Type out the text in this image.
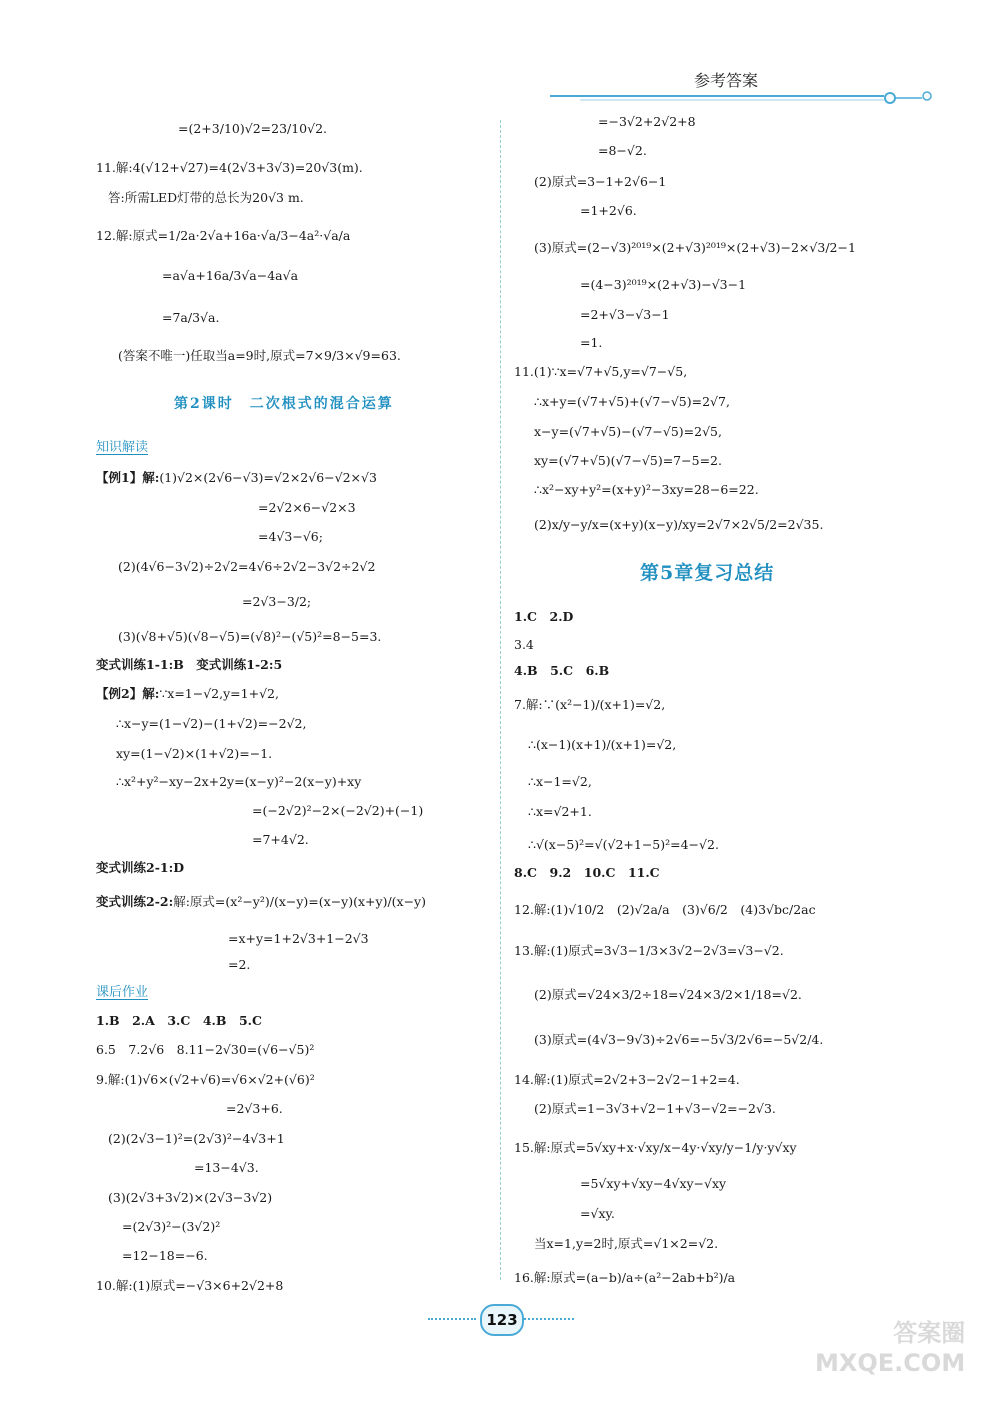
参考答案
=(2+3/10)√2=23/10√2.
11.解:4(√12+√27)=4(2√3+3√3)=20√3(m).
答:所需LED灯带的总长为20√3 m.
12.解:原式=1/2a·2√a+16a·√a/3−4a²·√a/a
=a√a+16a/3√a−4a√a
=7a/3√a.
(答案不唯一)任取当a=9时,原式=7×9/3×√9=63.
第2课时　二次根式的混合运算
知识解读
【例1】解:(1)√2×(2√6−√3)=√2×2√6−√2×√3
=2√2×6−√2×3
=4√3−√6;
(2)(4√6−3√2)÷2√2=4√6÷2√2−3√2÷2√2
=2√3−3/2;
(3)(√8+√5)(√8−√5)=(√8)²−(√5)²=8−5=3.
变式训练1-1:B　变式训练1-2:5
【例2】解:∵x=1−√2,y=1+√2,
∴x−y=(1−√2)−(1+√2)=−2√2,
xy=(1−√2)×(1+√2)=−1.
∴x²+y²−xy−2x+2y=(x−y)²−2(x−y)+xy
=(−2√2)²−2×(−2√2)+(−1)
=7+4√2.
变式训练2-1:D
变式训练2-2:解:原式=(x²−y²)/(x−y)=(x−y)(x+y)/(x−y)
=x+y=1+2√3+1−2√3
=2.
课后作业
1.B　2.A　3.C　4.B　5.C
6.5　7.2√6　8.11−2√30=(√6−√5)²
9.解:(1)√6×(√2+√6)=√6×√2+(√6)²
=2√3+6.
(2)(2√3−1)²=(2√3)²−4√3+1
=13−4√3.
(3)(2√3+3√2)×(2√3−3√2)
=(2√3)²−(3√2)²
=12−18=−6.
10.解:(1)原式=−√3×6+2√2+8
=−3√2+2√2+8
=8−√2.
(2)原式=3−1+2√6−1
=1+2√6.
(3)原式=(2−√3)²⁰¹⁹×(2+√3)²⁰¹⁹×(2+√3)−2×√3/2−1
=(4−3)²⁰¹⁹×(2+√3)−√3−1
=2+√3−√3−1
=1.
11.(1)∵x=√7+√5,y=√7−√5,
∴x+y=(√7+√5)+(√7−√5)=2√7,
x−y=(√7+√5)−(√7−√5)=2√5,
xy=(√7+√5)(√7−√5)=7−5=2.
∴x²−xy+y²=(x+y)²−3xy=28−6=22.
(2)x/y−y/x=(x+y)(x−y)/xy=2√7×2√5/2=2√35.
第5章复习总结
1.C　2.D
3.4
4.B　5.C　6.B
7.解:∵(x²−1)/(x+1)=√2,
∴(x−1)(x+1)/(x+1)=√2,
∴x−1=√2,
∴x=√2+1.
∴√(x−5)²=√(√2+1−5)²=4−√2.
8.C　9.2　10.C　11.C
12.解:(1)√10/2　(2)√2a/a　(3)√6/2　(4)3√bc/2ac
13.解:(1)原式=3√3−1/3×3√2−2√3=√3−√2.
(2)原式=√24×3/2÷18=√24×3/2×1/18=√2.
(3)原式=(4√3−9√3)÷2√6=−5√3/2√6=−5√2/4.
14.解:(1)原式=2√2+3−2√2−1+2=4.
(2)原式=1−3√3+√2−1+√3−√2=−2√3.
15.解:原式=5√xy+x·√xy/x−4y·√xy/y−1/y·y√xy
=5√xy+√xy−4√xy−√xy
=√xy.
当x=1,y=2时,原式=√1×2=√2.
16.解:原式=(a−b)/a÷(a²−2ab+b²)/a
123	答案圈
MXQE.COM
